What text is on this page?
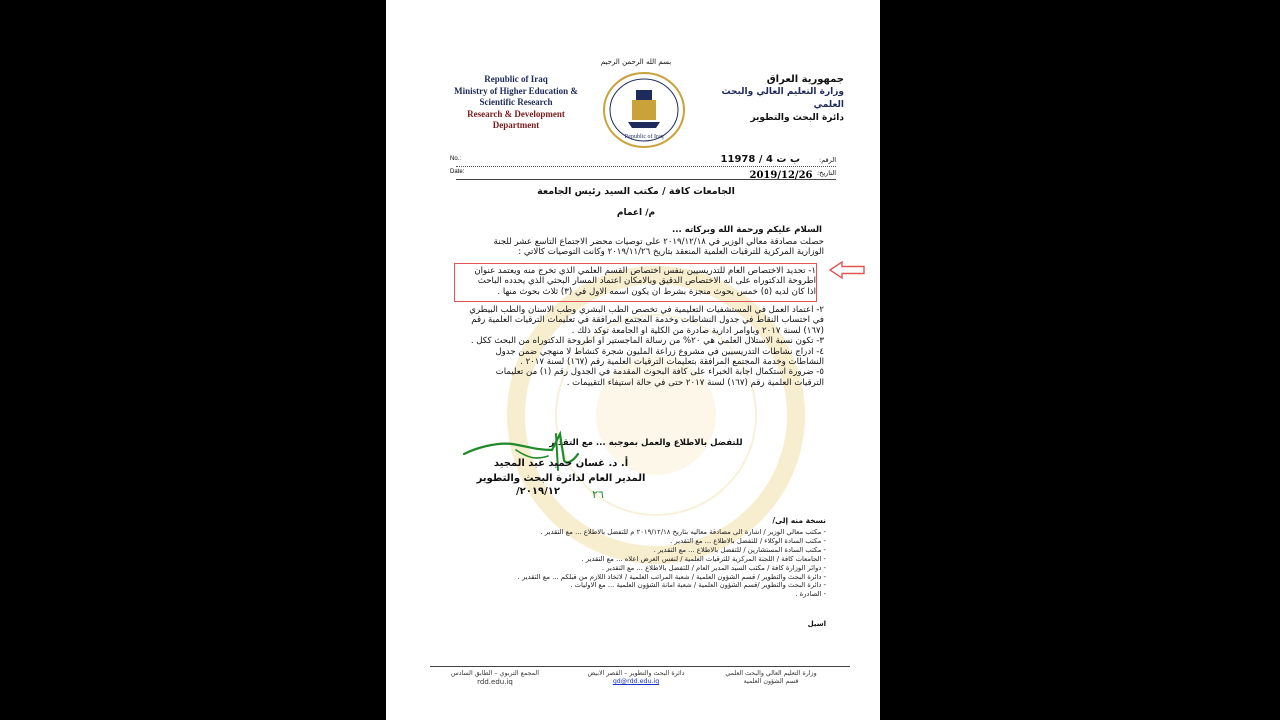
Republic of Iraq
Ministry of Higher Education &
Scientific Research
Research & Development
Department
بسم الله الرحمن الرحيم
Republic of Iraq
جمهورية العراق
وزارة التعليم العالي والبحث العلمي
دائرة البحث والتطوير
No.:
Date:
الرقم:
التاريخ:
ب ت 4 / 11978
2019/12/26
الجامعات كافة / مكتب السيد رئيس الجامعة
م/ اعمام
السلام عليكم ورحمة الله وبركاته ...
حصلت مصادقة معالي الوزير في ٢٠١٩/١٢/١٨ على توصيات محضر الاجتماع التاسع عشر للجنة
الوزارية المركزية للترقيات العلمية المنعقد بتاريخ ٢٠١٩/١١/٢٦ وكانت التوصيات كالاتي :
١- تحديد الاختصاص العام للتدريسيين بنفس اختصاص القسم العلمي الذي تخرج منه ويعتمد عنوان
اطروحة الدكتوراه على انه الاختصاص الدقيق وبالامكان اعتماد المسار البحثي الذي يحدده الباحث
اذا كان لديه (٥) خمس بحوث منجزة بشرط ان يكون اسمه الاول في (٣) ثلاث بحوث منها .
٢- اعتماد العمل في المستشفيات التعليمية في تخصص الطب البشري وطب الاسنان والطب البيطري
في احتساب النقاط في جدول النشاطات وخدمة المجتمع المرافقة في تعليمات الترقيات العلمية رقم
(١٦٧) لسنة ٢٠١٧ وباوامر ادارية صادرة من الكلية او الجامعة توكد ذلك .
٣- تكون نسبة الاستلال العلمي هي ٢٠% من رسالة الماجستير او اطروحة الدكتوراه من البحث ككل .
٤- ادراج نشاطات التدريسيين في مشروع زراعة المليون شجرة كنشاط لا منهجي ضمن جدول
النشاطات وخدمة المجتمع المرافقة بتعليمات الترقيات العلمية رقم (١٦٧) لسنة ٢٠١٧ .
٥- ضرورة استكمال اجابة الخبراء على كافة البحوث المقدمة في الجدول رقم (١) من تعليمات
الترقيات العلمية رقم (١٦٧) لسنة ٢٠١٧ حتى في حالة استيفاء التقييمات .
للتفضل بالاطلاع والعمل بموجبه ... مع التقدير
أ. د. غسان حميد عبد المجيد
المدير العام لدائرة البحث والتطوير
٢٠١٩/١٢/	٢٦
نسخة منه إلى/
- مكتب معالي الوزير / اشارة الى مصادقة معاليه بتاريخ ٢٠١٩/١٢/١٨ م للتفضل بالاطلاع ... مع التقدير .
- مكتب السادة الوكلاء / للتفضل بالاطلاع ... مع التقدير .
- مكتب السادة المستشارين / للتفضل بالاطلاع ... مع التقدير .
- الجامعات كافة / اللجنة المركزية للترقيات العلمية / لنفس الغرض اعلاه ... مع التقدير .
- دوائر الوزارة كافة / مكتب السيد المدير العام / للتفضل بالاطلاع ... مع التقدير .
- دائرة البحث والتطوير / قسم الشؤون العلمية / شعبة المراتب العلمية / لاتخاذ اللازم من قبلكم ... مع التقدير .
- دائرة البحث والتطوير /قسم الشؤون العلمية / شعبة امانة الشؤون العلمية ... مع الاوليات .
- الصادرة .
اسيل
وزارة التعليم العالي والبحث العلمي
قسم الشؤون العلمية
دائرة البحث والتطوير – القصر الابيض
gd@rdd.edu.iq
المجمع التربوي – الطابق السادس
rdd.edu.iq
